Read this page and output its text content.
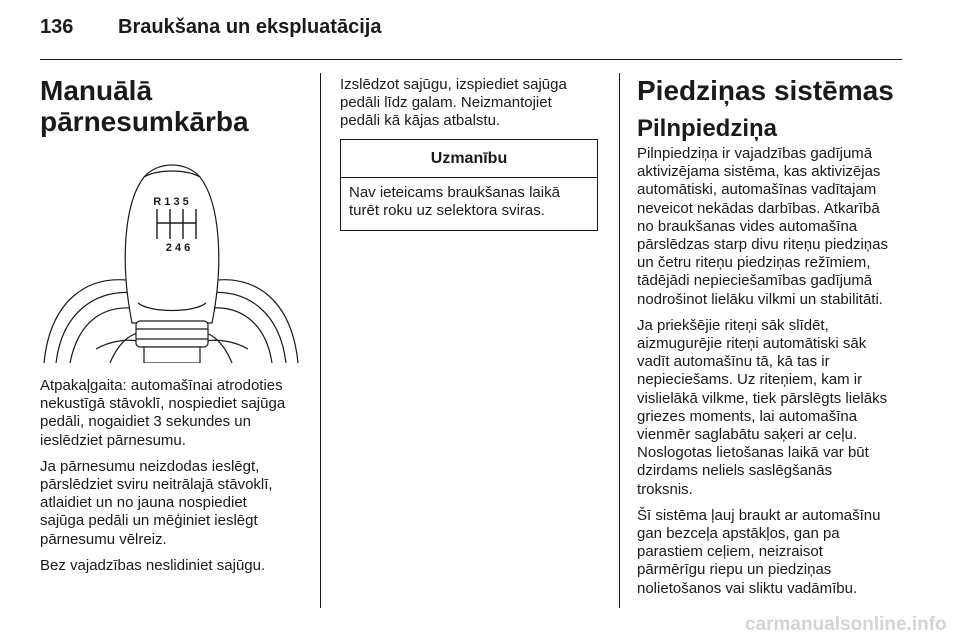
136 Braukšana un ekspluatācija
Manuālā
pārnesumkārba
R 1 3 5
2 4 6

Atpakaļgaita: automašīnai atrodoties
nekustīgā stāvoklī, nospiediet sajūga
pedāli, nogaidiet 3 sekundes un
ieslēdziet pārnesumu.

Ja pārnesumu neizdodas ieslēgt,
pārslēdziet sviru neitrālajā stāvoklī,
atlaidiet un no jauna nospiediet
sajūga pedāli un mēģiniet ieslēgt
pārnesumu vēlreiz.

Bez vajadzības neslidiniet sajūgu.

Izslēdzot sajūgu, izspiediet sajūga
pedāli līdz galam. Neizmantojiet
pedāli kā kājas atbalstu.

Uzmanību
Nav ieteicams braukšanas laikā
turēt roku uz selektora sviras.
Piedziņas sistēmas
Pilnpiedziņa

Pilnpiedziņa ir vajadzības gadījumā
aktivizējama sistēma, kas aktivizējas
automātiski, automašīnas vadītajam
neveicot nekādas darbības. Atkarībā
no braukšanas vides automašīna
pārslēdzas starp divu riteņu piedziņas
un četru riteņu piedziņas režīmiem,
tādējādi nepieciešamības gadījumā
nodrošinot lielāku vilkmi un stabilitāti.

Ja priekšējie riteņi sāk slīdēt,
aizmugurējie riteņi automātiski sāk
vadīt automašīnu tā, kā tas ir
nepieciešams. Uz riteņiem, kam ir
vislielākā vilkme, tiek pārslēgts lielāks
griezes moments, lai automašīna
vienmēr saglabātu saķeri ar ceļu.
Noslogotas lietošanas laikā var būt
dzirdams neliels saslēgšanās
troksnis.

Šī sistēma ļauj braukt ar automašīnu
gan bezceļa apstākļos, gan pa
parastiem ceļiem, neizraisot
pārmērīgu riepu un piedziņas
nolietošanos vai sliktu vadāmību.

carmanualsonline.info
